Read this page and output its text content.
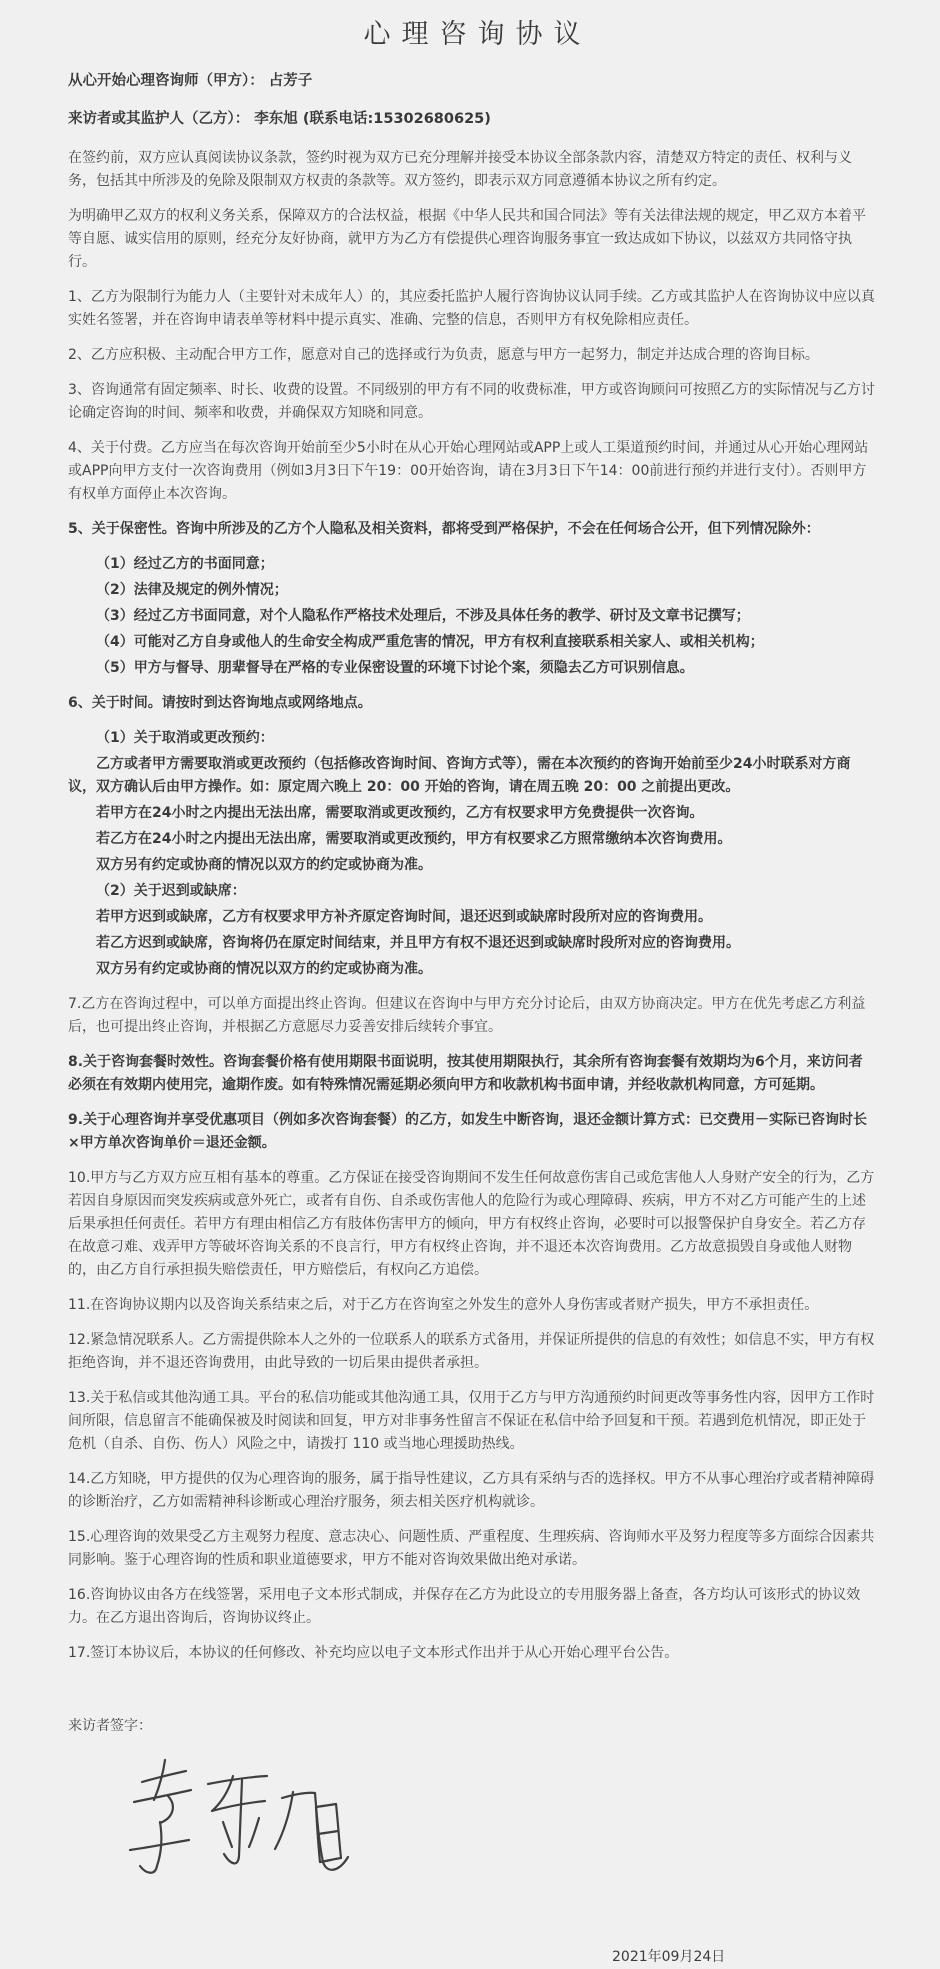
心理咨询协议

从心开始心理咨询师（甲方）： 占芳子

来访者或其监护人（乙方）： 李东旭 (联系电话:15302680625)

在签约前，双方应认真阅读协议条款，签约时视为双方已充分理解并接受本协议全部条款内容，清楚双方特定的责任、权利与义务，包括其中所涉及的免除及限制双方权责的条款等。双方签约，即表示双方同意遵循本协议之所有约定。

为明确甲乙双方的权利义务关系，保障双方的合法权益，根据《中华人民共和国合同法》等有关法律法规的规定，甲乙双方本着平等自愿、诚实信用的原则，经充分友好协商，就甲方为乙方有偿提供心理咨询服务事宜一致达成如下协议，以兹双方共同恪守执行。

1、乙方为限制行为能力人（主要针对未成年人）的，其应委托监护人履行咨询协议认同手续。乙方或其监护人在咨询协议中应以真实姓名签署，并在咨询申请表单等材料中提示真实、准确、完整的信息，否则甲方有权免除相应责任。

2、乙方应积极、主动配合甲方工作，愿意对自己的选择或行为负责，愿意与甲方一起努力，制定并达成合理的咨询目标。

3、咨询通常有固定频率、时长、收费的设置。不同级别的甲方有不同的收费标准，甲方或咨询顾问可按照乙方的实际情况与乙方讨论确定咨询的时间、频率和收费，并确保双方知晓和同意。

4、关于付费。乙方应当在每次咨询开始前至少5小时在从心开始心理网站或APP上或人工渠道预约时间，并通过从心开始心理网站或APP向甲方支付一次咨询费用（例如3月3日下午19：00开始咨询，请在3月3日下午14：00前进行预约并进行支付）。否则甲方有权单方面停止本次咨询。

5、关于保密性。咨询中所涉及的乙方个人隐私及相关资料，都将受到严格保护，不会在任何场合公开，但下列情况除外：

（1）经过乙方的书面同意；

（2）法律及规定的例外情况；

（3）经过乙方书面同意，对个人隐私作严格技术处理后，不涉及具体任务的教学、研讨及文章书记撰写；

（4）可能对乙方自身或他人的生命安全构成严重危害的情况，甲方有权利直接联系相关家人、或相关机构；

（5）甲方与督导、朋辈督导在严格的专业保密设置的环境下讨论个案，须隐去乙方可识别信息。

6、关于时间。请按时到达咨询地点或网络地点。

（1）关于取消或更改预约：

乙方或者甲方需要取消或更改预约（包括修改咨询时间、咨询方式等），需在本次预约的咨询开始前至少24小时联系对方商议，双方确认后由甲方操作。如：原定周六晚上 20：00 开始的咨询，请在周五晚 20：00 之前提出更改。

若甲方在24小时之内提出无法出席，需要取消或更改预约，乙方有权要求甲方免费提供一次咨询。

若乙方在24小时之内提出无法出席，需要取消或更改预约，甲方有权要求乙方照常缴纳本次咨询费用。

双方另有约定或协商的情况以双方的约定或协商为准。

（2）关于迟到或缺席：

若甲方迟到或缺席，乙方有权要求甲方补齐原定咨询时间，退还迟到或缺席时段所对应的咨询费用。

若乙方迟到或缺席，咨询将仍在原定时间结束，并且甲方有权不退还迟到或缺席时段所对应的咨询费用。

双方另有约定或协商的情况以双方的约定或协商为准。

7.乙方在咨询过程中，可以单方面提出终止咨询。但建议在咨询中与甲方充分讨论后，由双方协商决定。甲方在优先考虑乙方利益后，也可提出终止咨询，并根据乙方意愿尽力妥善安排后续转介事宜。

8.关于咨询套餐时效性。咨询套餐价格有使用期限书面说明，按其使用期限执行，其余所有咨询套餐有效期均为6个月，来访问者必须在有效期内使用完，逾期作废。如有特殊情况需延期必须向甲方和收款机构书面申请，并经收款机构同意，方可延期。

9.关于心理咨询并享受优惠项目（例如多次咨询套餐）的乙方，如发生中断咨询，退还金额计算方式：已交费用－实际已咨询时长×甲方单次咨询单价＝退还金额。

10.甲方与乙方双方应互相有基本的尊重。乙方保证在接受咨询期间不发生任何故意伤害自己或危害他人人身财产安全的行为，乙方若因自身原因而突发疾病或意外死亡，或者有自伤、自杀或伤害他人的危险行为或心理障碍、疾病，甲方不对乙方可能产生的上述后果承担任何责任。若甲方有理由相信乙方有肢体伤害甲方的倾向，甲方有权终止咨询，必要时可以报警保护自身安全。若乙方存在故意刁难、戏弄甲方等破坏咨询关系的不良言行，甲方有权终止咨询，并不退还本次咨询费用。乙方故意损毁自身或他人财物的，由乙方自行承担损失赔偿责任，甲方赔偿后，有权向乙方追偿。

11.在咨询协议期内以及咨询关系结束之后，对于乙方在咨询室之外发生的意外人身伤害或者财产损失，甲方不承担责任。

12.紧急情况联系人。乙方需提供除本人之外的一位联系人的联系方式备用，并保证所提供的信息的有效性；如信息不实，甲方有权拒绝咨询，并不退还咨询费用，由此导致的一切后果由提供者承担。

13.关于私信或其他沟通工具。平台的私信功能或其他沟通工具，仅用于乙方与甲方沟通预约时间更改等事务性内容，因甲方工作时间所限，信息留言不能确保被及时阅读和回复，甲方对非事务性留言不保证在私信中给予回复和干预。若遇到危机情况，即正处于危机（自杀、自伤、伤人）风险之中，请拨打 110 或当地心理援助热线。

14.乙方知晓，甲方提供的仅为心理咨询的服务，属于指导性建议，乙方具有采纳与否的选择权。甲方不从事心理治疗或者精神障碍的诊断治疗，乙方如需精神科诊断或心理治疗服务，须去相关医疗机构就诊。

15.心理咨询的效果受乙方主观努力程度、意志决心、问题性质、严重程度、生理疾病、咨询师水平及努力程度等多方面综合因素共同影响。鉴于心理咨询的性质和职业道德要求，甲方不能对咨询效果做出绝对承诺。

16.咨询协议由各方在线签署，采用电子文本形式制成，并保存在乙方为此设立的专用服务器上备查，各方均认可该形式的协议效力。在乙方退出咨询后，咨询协议终止。

17.签订本协议后，本协议的任何修改、补充均应以电子文本形式作出并于从心开始心理平台公告。

来访者签字：

2021年09月24日
